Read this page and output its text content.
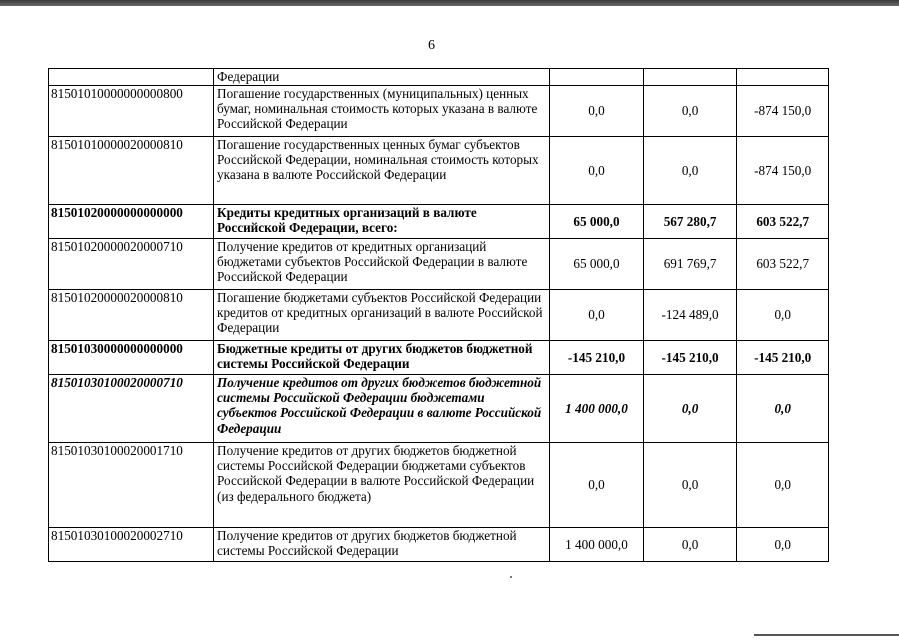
6
	Федерации			
81501010000000000800	Погашение государственных (муниципальных) ценных бумаг, номинальная стоимость которых указана в валюте Российской Федерации	0,0	0,0	-874 150,0
81501010000020000810	Погашение государственных ценных бумаг субъектов Российской Федерации, номинальная стоимость которых указана в валюте Российской Федерации	0,0	0,0	-874 150,0
81501020000000000000	Кредиты кредитных организаций в валюте Российской Федерации, всего:	65 000,0	567 280,7	603 522,7
81501020000020000710	Получение кредитов от кредитных организаций бюджетами субъектов Российской Федерации в валюте Российской Федерации	65 000,0	691 769,7	603 522,7
81501020000020000810	Погашение бюджетами субъектов Российской Федерации кредитов от кредитных организаций в валюте Российской Федерации	0,0	-124 489,0	0,0
81501030000000000000	Бюджетные кредиты от других бюджетов бюджетной системы Российской Федерации	-145 210,0	-145 210,0	-145 210,0
81501030100020000710	Получение кредитов от других бюджетов бюджетной системы Российской Федерации бюджетами субъектов Российской Федерации в валюте Российской Федерации	1 400 000,0	0,0	0,0
81501030100020001710	Получение кредитов от других бюджетов бюджетной системы Российской Федерации бюджетами субъектов Российской Федерации в валюте Российской Федерации (из федерального бюджета)	0,0	0,0	0,0
81501030100020002710	Получение кредитов от других бюджетов бюджетной системы Российской Федерации	1 400 000,0	0,0	0,0
